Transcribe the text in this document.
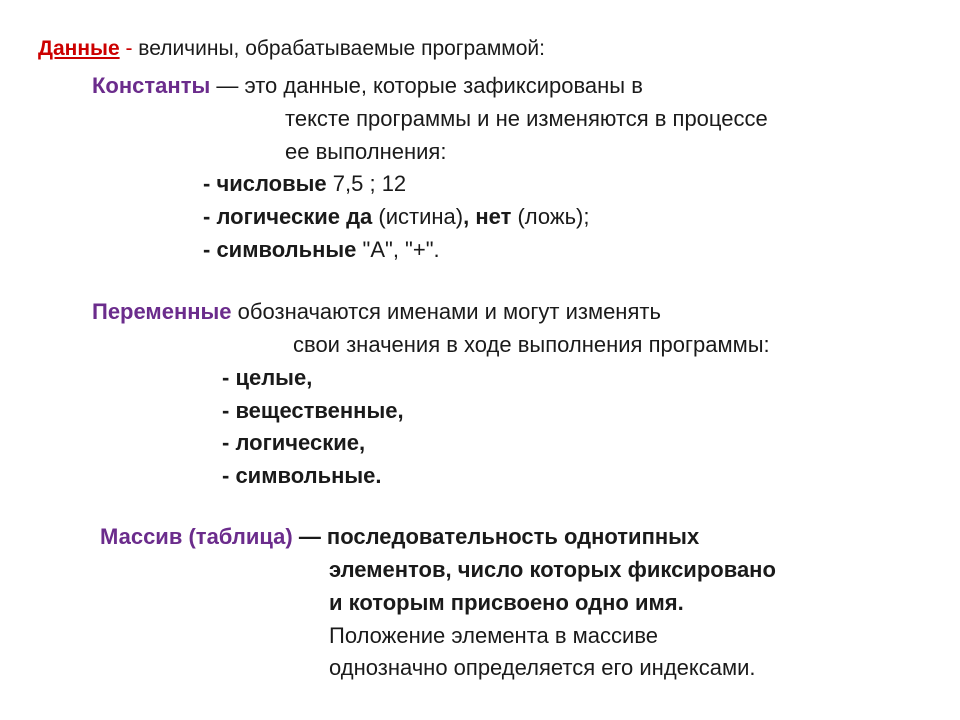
Данные - величины, обрабатываемые программой:
Константы — это данные, которые зафиксированы в
тексте программы и не изменяются в процессе
ее выполнения:
- числовые 7,5 ; 12
- логические да (истина), нет (ложь);
- символьные "А", "+".
Переменные обозначаются именами и могут изменять
свои значения в ходе выполнения программы:
- целые,
- вещественные,
- логические,
- символьные.
Массив (таблица) — последовательность однотипных
элементов, число которых фиксировано
и которым присвоено одно имя.
Положение элемента в массиве
однозначно определяется его индексами.
